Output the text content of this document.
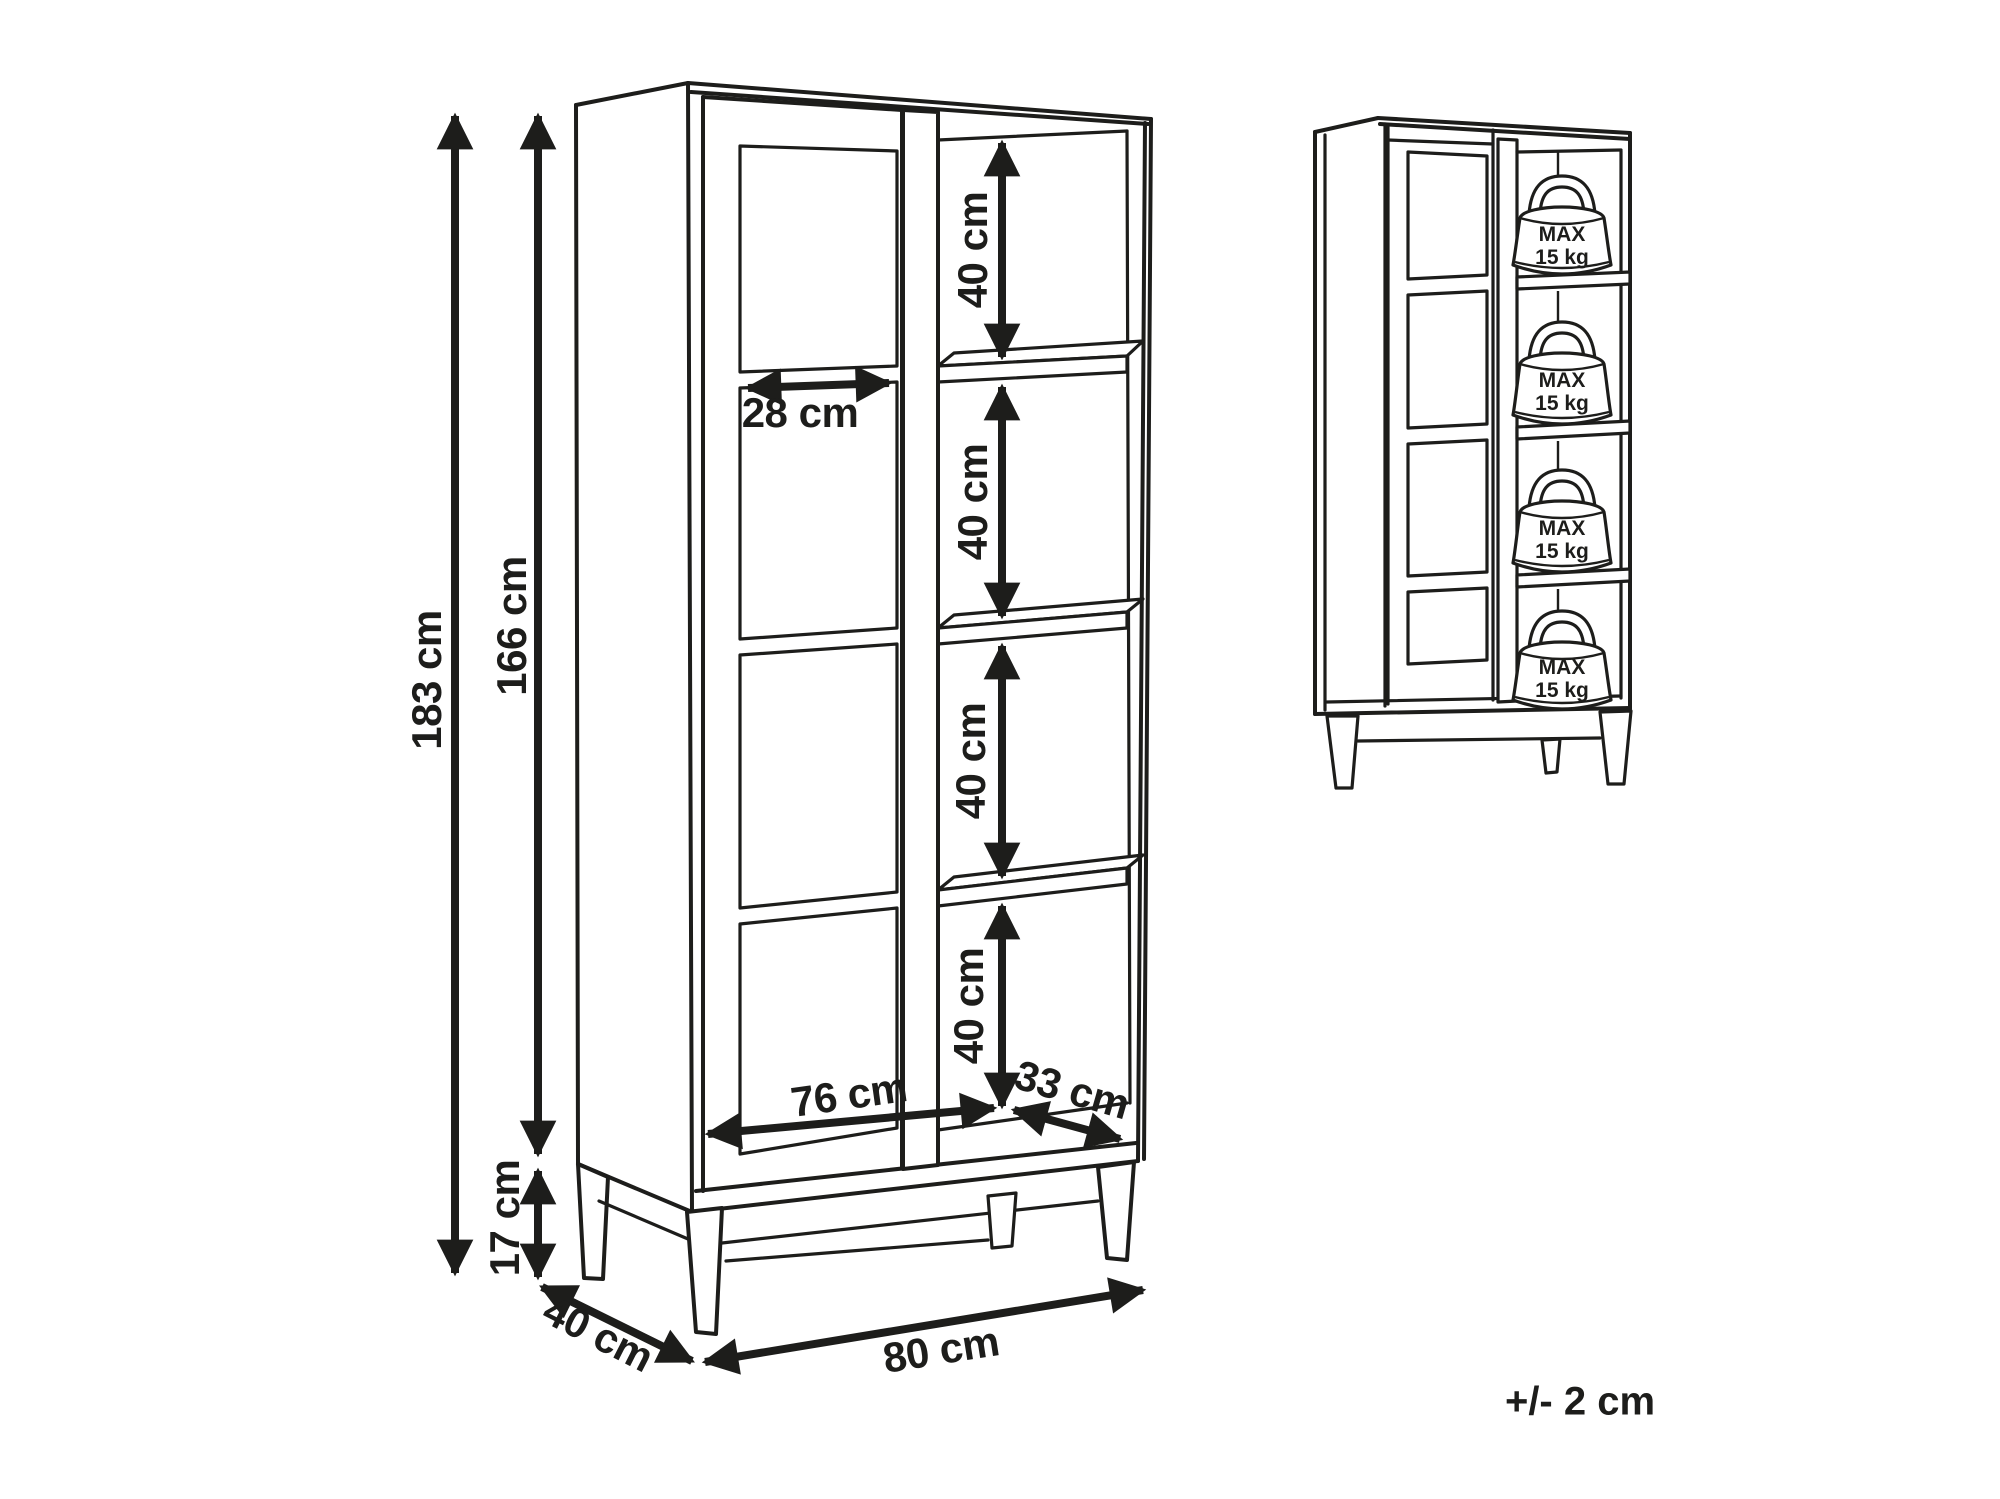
183 cm 166 cm
17 cm
40 cm	80 cm
76 cm 33 cm
28 cm
40 cm
40 cm
40 cm
40 cm
MAX
15 kg
MAX
15 kg
MAX
15 kg
MAX
15 kg
+/- 2 cm
